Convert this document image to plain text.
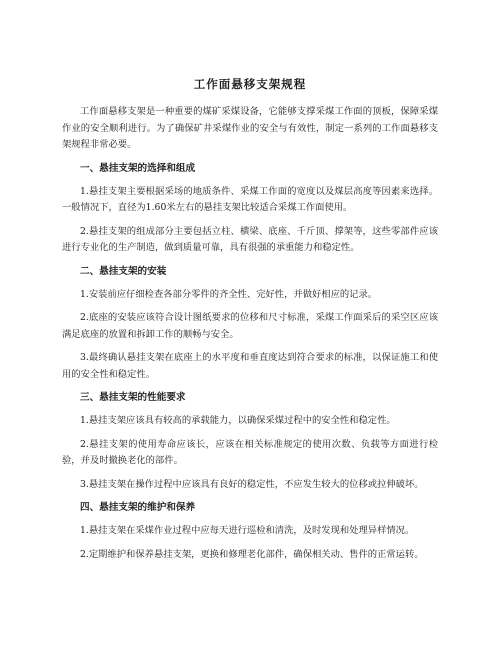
工作面悬移支架规程

工作面悬移支架是一种重要的煤矿采煤设备，它能够支撑采煤工作面的顶板，保障采煤作业的安全顺利进行。为了确保矿井采煤作业的安全与有效性，制定一系列的工作面悬移支架规程非常必要。

一、悬挂支架的选择和组成

1.悬挂支架主要根据采场的地质条件、采煤工作面的宽度以及煤层高度等因素来选择。一般情况下，直径为1.60米左右的悬挂支架比较适合采煤工作面使用。

2.悬挂支架的组成部分主要包括立柱、横梁、底座、千斤顶、撑架等，这些零部件应该进行专业化的生产制造，做到质量可靠，具有很强的承重能力和稳定性。

二、悬挂支架的安装

1.安装前应仔细检查各部分零件的齐全性、完好性，并做好相应的记录。

2.底座的安装应该符合设计图纸要求的位移和尺寸标准，采煤工作面采后的采空区应该满足底座的放置和拆卸工作的顺畅与安全。

3.最终确认悬挂支架在底座上的水平度和垂直度达到符合要求的标准，以保证施工和使用的安全性和稳定性。

三、悬挂支架的性能要求

1.悬挂支架应该具有较高的承载能力，以确保采煤过程中的安全性和稳定性。

2.悬挂支架的使用寿命应该长，应该在相关标准规定的使用次数、负载等方面进行检验，并及时撤换老化的部件。

3.悬挂支架在操作过程中应该具有良好的稳定性，不应发生较大的位移或拉伸破坏。

四、悬挂支架的维护和保养

1.悬挂支架在采煤作业过程中应每天进行巡检和清洗，及时发现和处理异样情况。

2.定期维护和保养悬挂支架，更换和修理老化部件，确保相关动、售件的正常运转。
